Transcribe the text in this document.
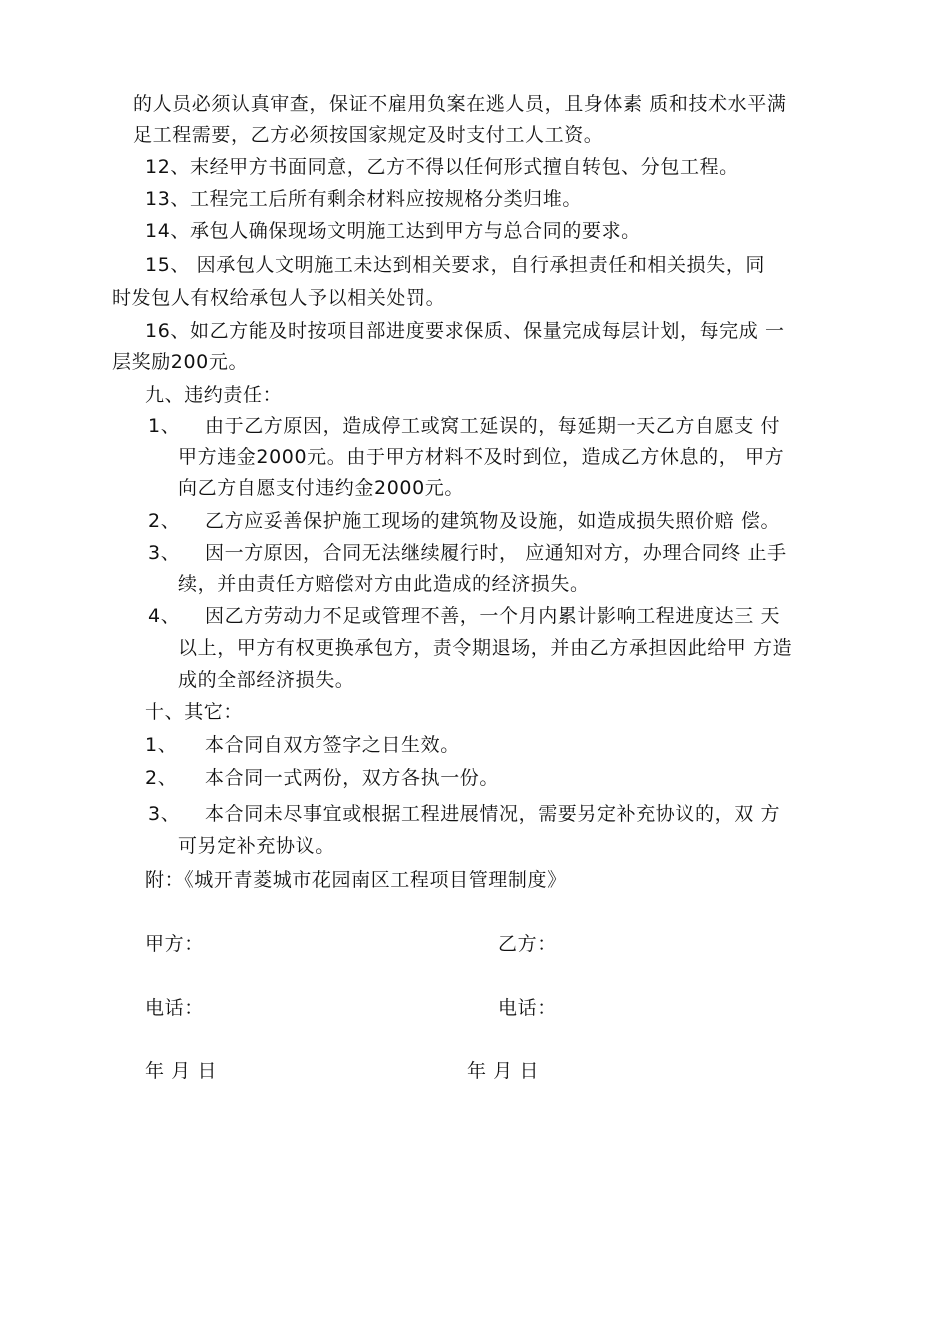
的人员必须认真审查，保证不雇用负案在逃人员，且身体素 质和技术水平满
足工程需要，乙方必须按国家规定及时支付工人工资。
12、末经甲方书面同意，乙方不得以任何形式擅自转包、分包工程。
13、工程完工后所有剩余材料应按规格分类归堆。
14、承包人确保现场文明施工达到甲方与总合同的要求。
15、 因承包人文明施工未达到相关要求，自行承担责任和相关损失，同
时发包人有权给承包人予以相关处罚。
16、如乙方能及时按项目部进度要求保质、保量完成每层计划，每完成 一
层奖励200元。
九、违约责任：
1、 由于乙方原因，造成停工或窝工延误的，每延期一天乙方自愿支 付
甲方违金2000元。由于甲方材料不及时到位，造成乙方休息的， 甲方
向乙方自愿支付违约金2000元。
2、 乙方应妥善保护施工现场的建筑物及设施，如造成损失照价赔 偿。
3、 因一方原因，合同无法继续履行时， 应通知对方，办理合同终 止手
续，并由责任方赔偿对方由此造成的经济损失。
4、 因乙方劳动力不足或管理不善，一个月内累计影响工程进度达三 天
以上，甲方有权更换承包方，责令期退场，并由乙方承担因此给甲 方造
成的全部经济损失。
十、其它：
1、 本合同自双方签字之日生效。
2、 本合同一式两份，双方各执一份。
3、 本合同未尽事宜或根据工程进展情况，需要另定补充协议的，双 方
可另定补充协议。
附：《城开青菱城市花园南区工程项目管理制度》
甲方：	乙方：
电话：	电话：
年 月 日	年 月 日
